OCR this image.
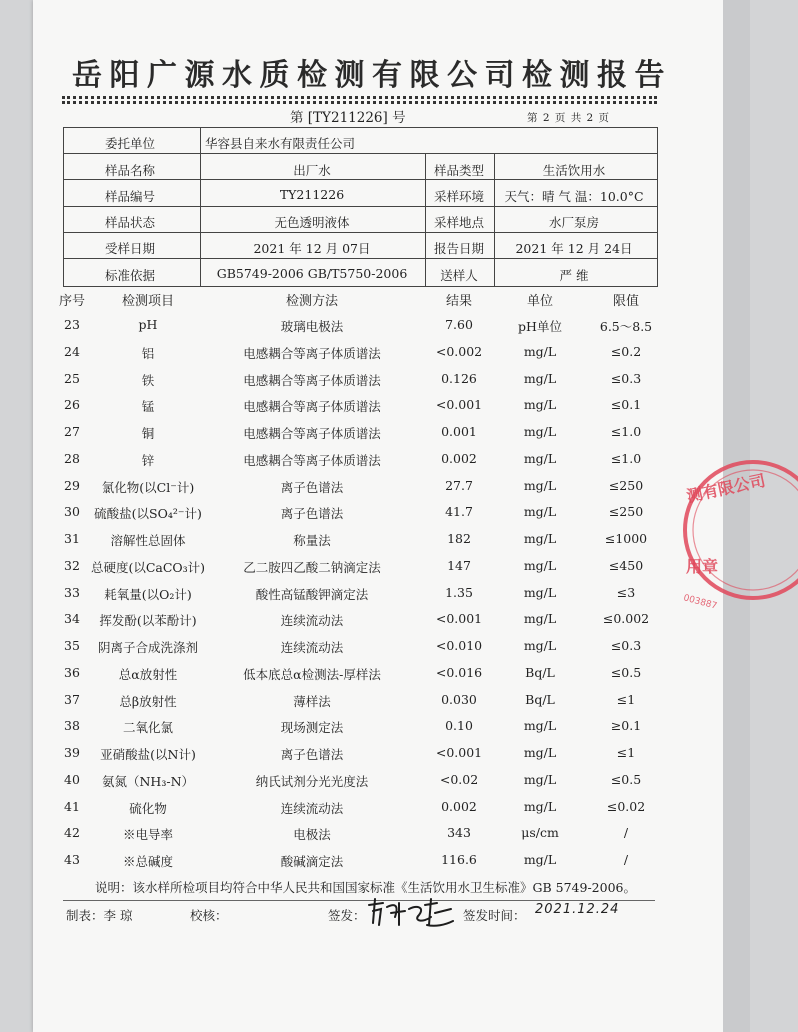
岳阳广源水质检测有限公司检测报告
第 [TY211226] 号	第 2 页 共 2 页
委托单位	华容县自来水有限责任公司
样品名称	出厂水	样品类型	生活饮用水
样品编号	TY211226	采样环境 天气：晴 气 温：10.0°C
样品状态	无色透明液体	采样地点	水厂泵房
受样日期	2021 年 12 月 07日	报告日期	2021 年 12 月 24日
标准依据	GB5749-2006 GB/T5750-2006	送样人	严 维
序号	检测项目	检测方法	结果	单位	限值
23	pH	玻璃电极法	7.60	pH单位	6.5～8.5
24	铝	电感耦合等离子体质谱法	<0.002	mg/L	≤0.2
25	铁	电感耦合等离子体质谱法	0.126	mg/L	≤0.3
26	锰	电感耦合等离子体质谱法	<0.001	mg/L	≤0.1
27	铜	电感耦合等离子体质谱法	0.001	mg/L	≤1.0
28	锌	电感耦合等离子体质谱法	0.002	mg/L	≤1.0
29 氯化物(以Cl⁻计)	离子色谱法	27.7	mg/L	≤250
30 硫酸盐(以SO₄²⁻计)	离子色谱法	41.7	mg/L	≤250
31 溶解性总固体	称量法	182	mg/L	≤1000
32 总硬度(以CaCO₃计)	乙二胺四乙酸二钠滴定法	147	mg/L	≤450
33 耗氧量(以O₂计)	酸性高锰酸钾滴定法	1.35	mg/L	≤3
34 挥发酚(以苯酚计)	连续流动法	<0.001	mg/L	≤0.002
35 阴离子合成洗涤剂	连续流动法	<0.010	mg/L	≤0.3
36	总α放射性	低本底总α检测法-厚样法	<0.016	Bq/L	≤0.5
37	总β放射性	薄样法	0.030	Bq/L	≤1
38	二氧化氯	现场测定法	0.10	mg/L	≥0.1
39 亚硝酸盐(以N计)	离子色谱法	<0.001	mg/L	≤1
40 氨氮（NH₃-N）	纳氏试剂分光光度法	<0.02	mg/L	≤0.5
41	硫化物	连续流动法	0.002	mg/L	≤0.02
42	※电导率	电极法	343	μs/cm	/
43	※总碱度	酸碱滴定法	116.6	mg/L	/
说明：该水样所检项目均符合中华人民共和国国家标准《生活饮用水卫生标准》GB 5749-2006。
制表：李 琼	校核：	签发：	签发时间： 2021.12.24
测有限公司
用章
003887
